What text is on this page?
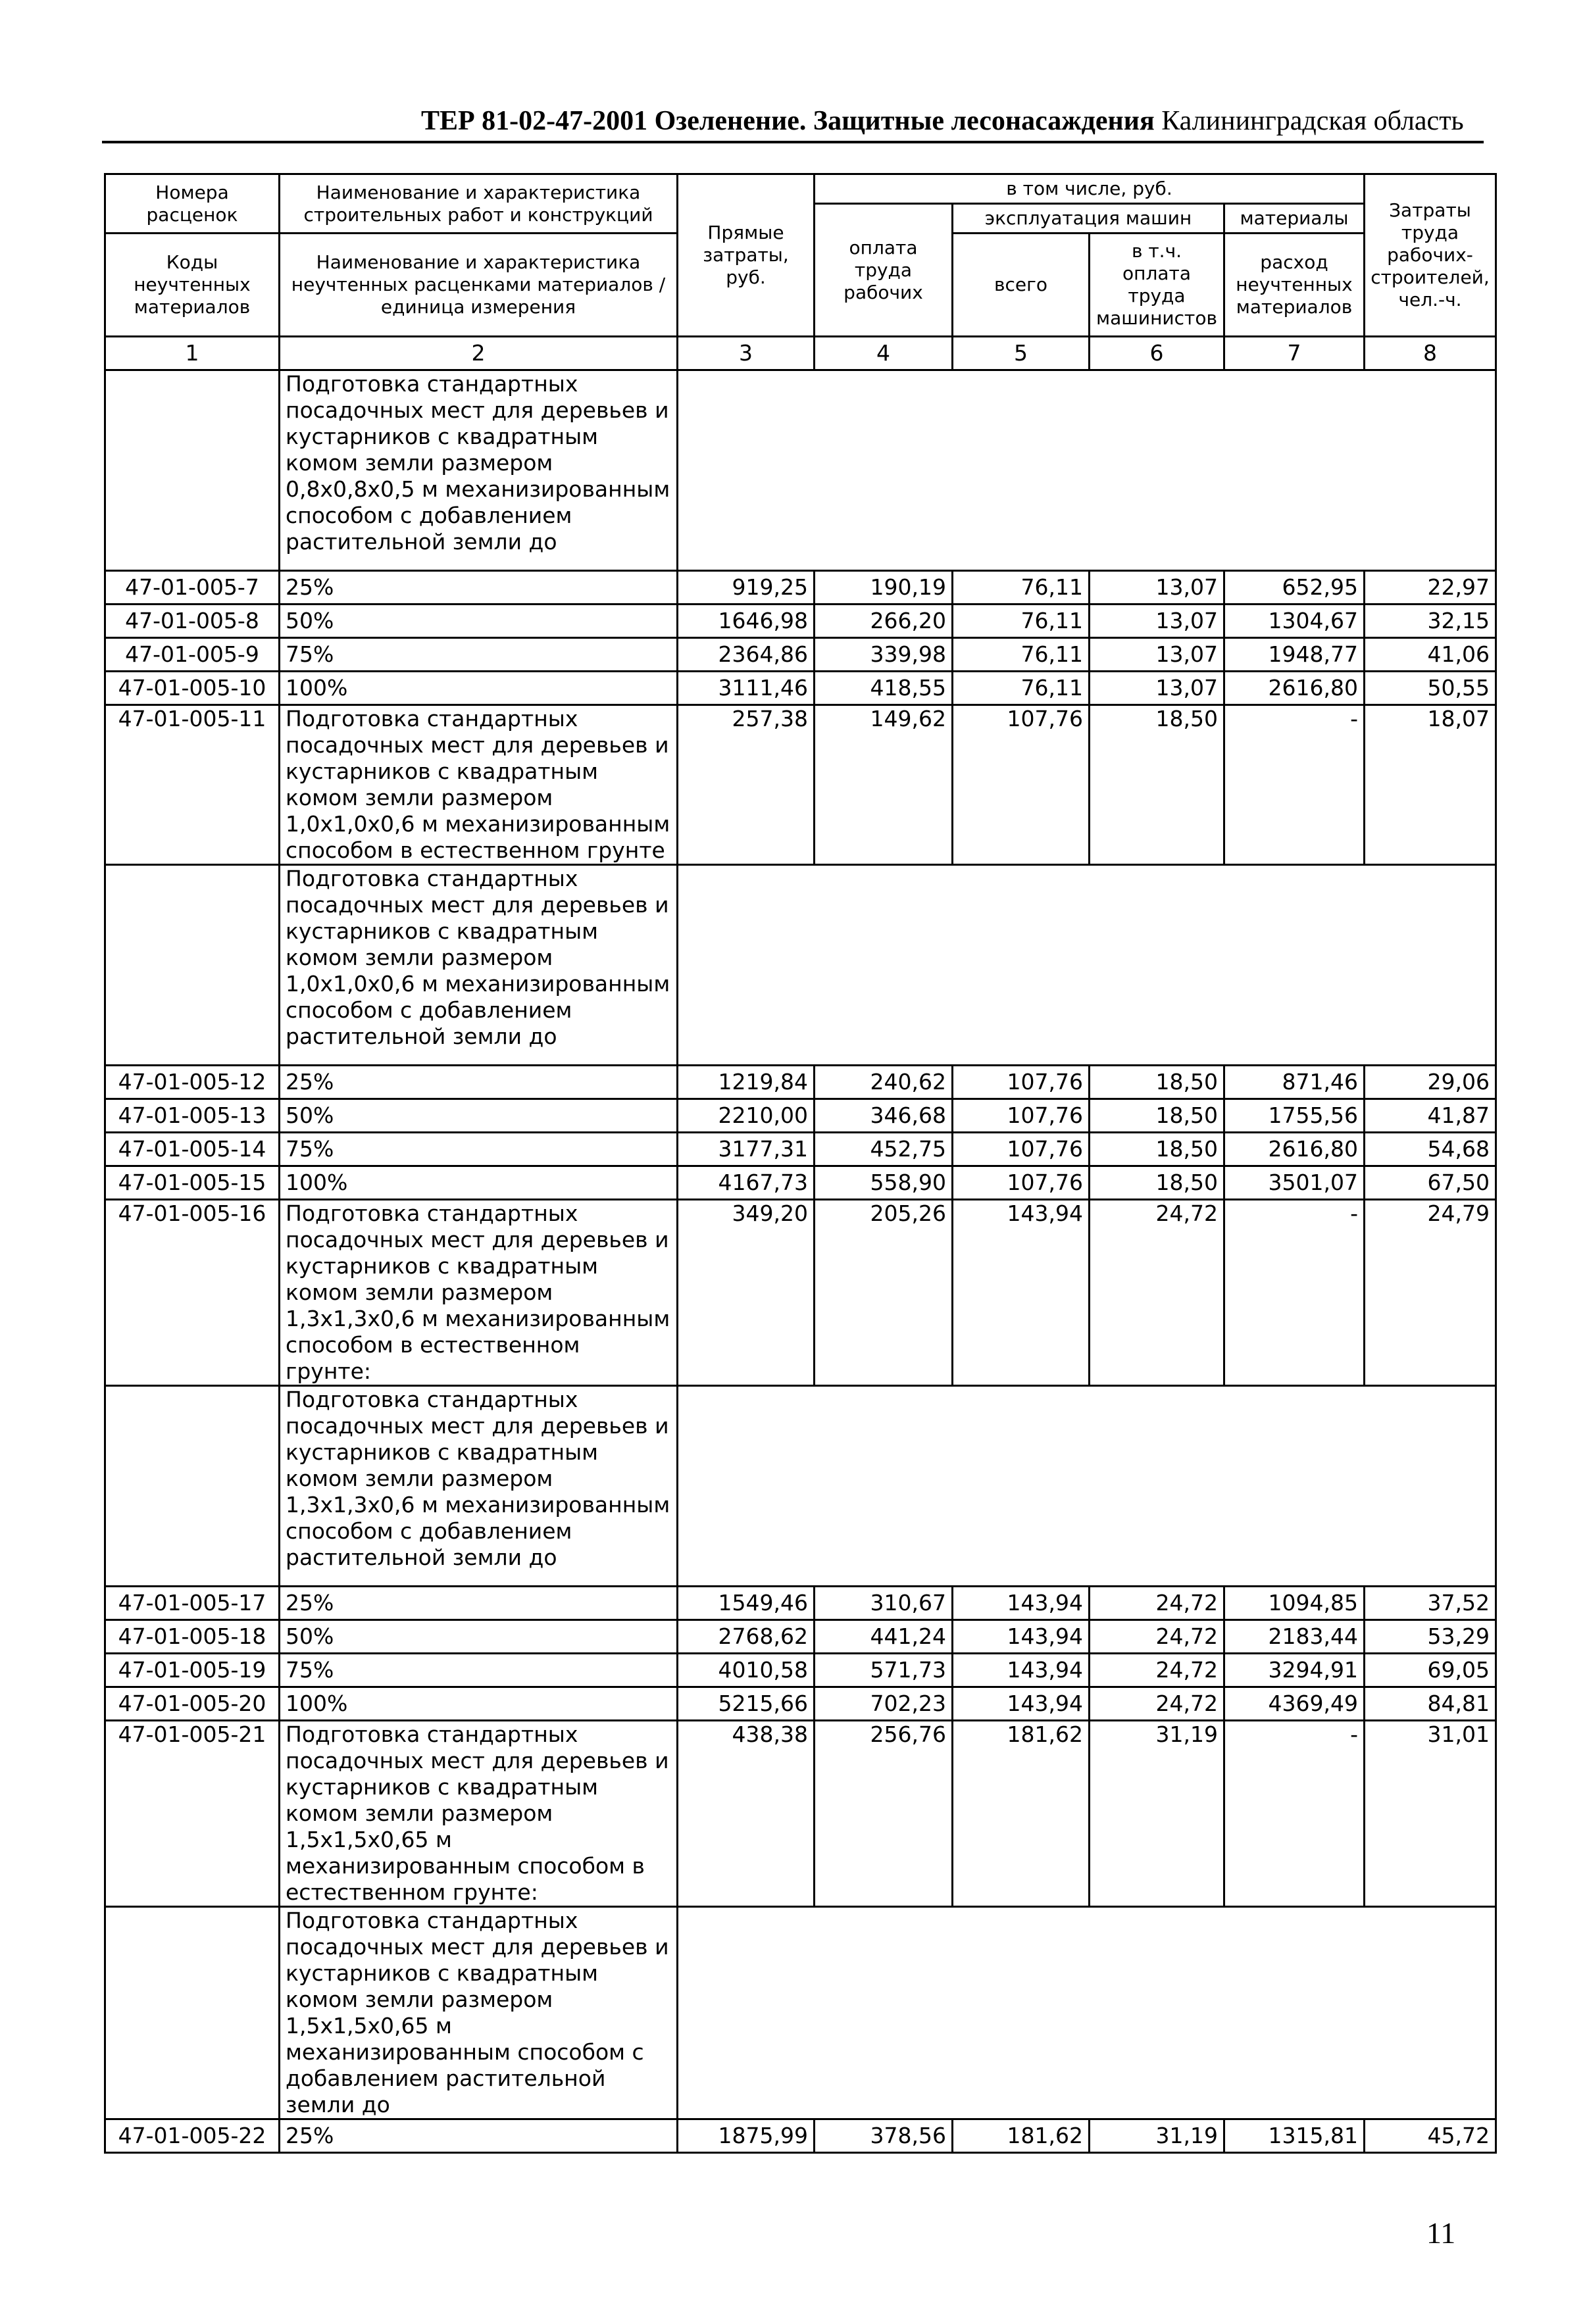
ТЕР 81-02-47-2001 Озеленение. Защитные лесонасаждения Калининградская область
Номера расценок	Наименование и характеристика строительных работ и конструкций	Прямые затраты, руб.	в том числе, руб.				Затраты труда рабочих-строителей, чел.-ч.
			оплата труда рабочих	эксплуатация машин		материалы	
Коды неучтенных материалов	Наименование и характеристика неучтенных расценками материалов / единица измерения			всего	в т.ч. оплата труда машинистов	расход неучтенных материалов	

1	2	3	4	5	6	7	8
	Подготовка стандартных посадочных мест для деревьев и кустарников с квадратным комом земли размером 0,8х0,8х0,5 м механизированным способом с добавлением растительной земли до						
47-01-005-7	25%	919,25	190,19	76,11	13,07	652,95	22,97
47-01-005-8	50%	1646,98	266,20	76,11	13,07	1304,67	32,15
47-01-005-9	75%	2364,86	339,98	76,11	13,07	1948,77	41,06
47-01-005-10	100%	3111,46	418,55	76,11	13,07	2616,80	50,55
47-01-005-11	Подготовка стандартных посадочных мест для деревьев и кустарников с квадратным комом земли размером 1,0х1,0х0,6 м механизированным способом в естественном грунте	257,38	149,62	107,76	18,50	-	18,07
	Подготовка стандартных посадочных мест для деревьев и кустарников с квадратным комом земли размером 1,0х1,0х0,6 м механизированным способом с добавлением растительной земли до						
47-01-005-12	25%	1219,84	240,62	107,76	18,50	871,46	29,06
47-01-005-13	50%	2210,00	346,68	107,76	18,50	1755,56	41,87
47-01-005-14	75%	3177,31	452,75	107,76	18,50	2616,80	54,68
47-01-005-15	100%	4167,73	558,90	107,76	18,50	3501,07	67,50
47-01-005-16	Подготовка стандартных посадочных мест для деревьев и кустарников с квадратным комом земли размером 1,3х1,3х0,6 м механизированным способом в естественном грунте:	349,20	205,26	143,94	24,72	-	24,79
	Подготовка стандартных посадочных мест для деревьев и кустарников с квадратным комом земли размером 1,3х1,3х0,6 м механизированным способом с добавлением растительной земли до						
47-01-005-17	25%	1549,46	310,67	143,94	24,72	1094,85	37,52
47-01-005-18	50%	2768,62	441,24	143,94	24,72	2183,44	53,29
47-01-005-19	75%	4010,58	571,73	143,94	24,72	3294,91	69,05
47-01-005-20	100%	5215,66	702,23	143,94	24,72	4369,49	84,81
47-01-005-21	Подготовка стандартных посадочных мест для деревьев и кустарников с квадратным комом земли размером 1,5х1,5х0,65 м механизированным способом в естественном грунте:	438,38	256,76	181,62	31,19	-	31,01
	Подготовка стандартных посадочных мест для деревьев и кустарников с квадратным комом земли размером 1,5х1,5х0,65 м механизированным способом с добавлением растительной земли до						
47-01-005-22	25%	1875,99	378,56	181,62	31,19	1315,81	45,72
11
